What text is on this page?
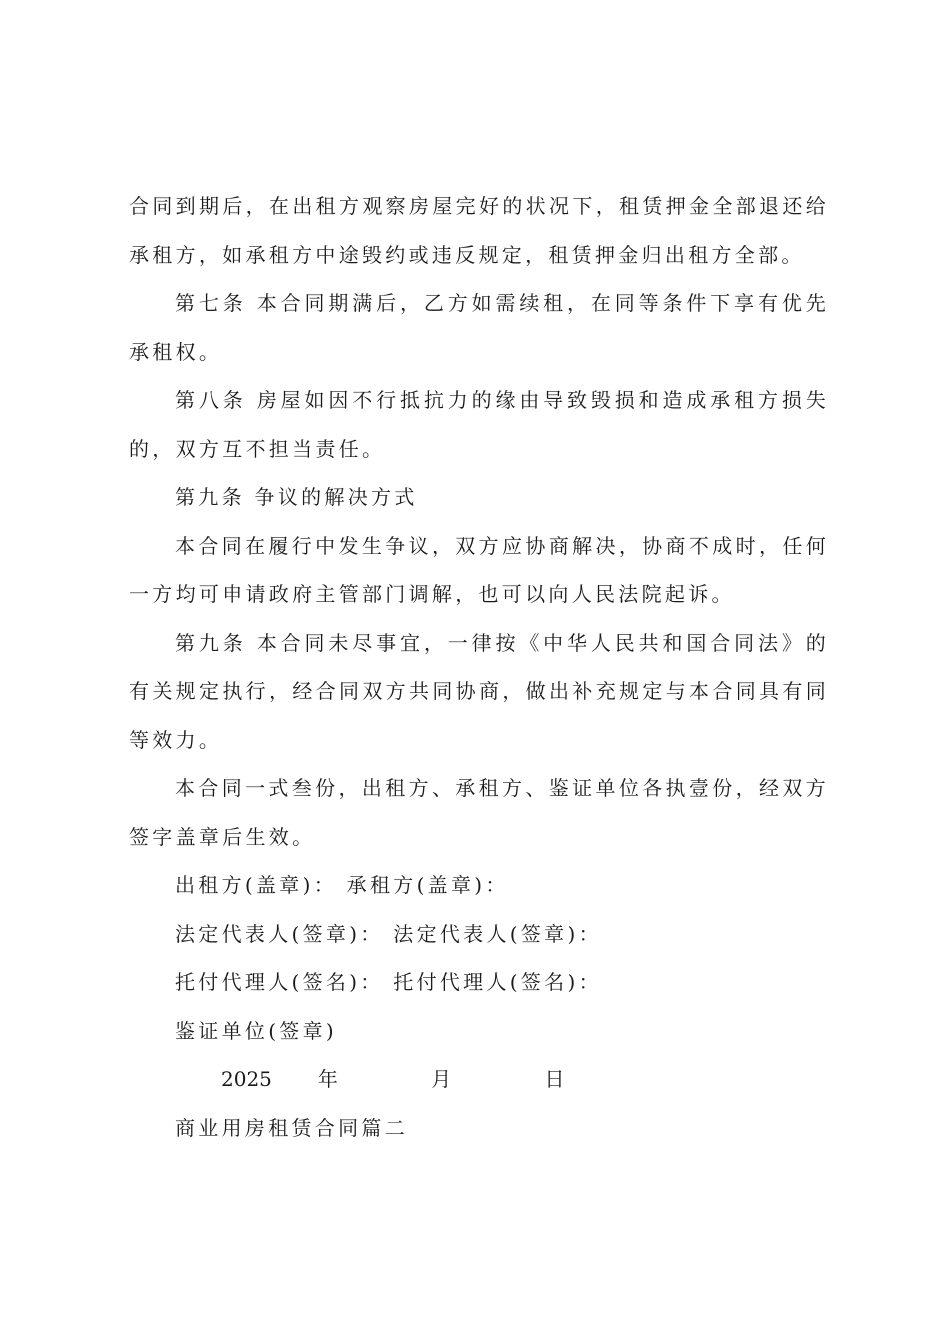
合同到期后，在出租方观察房屋完好的状况下，租赁押金全部退还给承租方，如承租方中途毁约或违反规定，租赁押金归出租方全部。

第七条 本合同期满后，乙方如需续租，在同等条件下享有优先承租权。

第八条 房屋如因不行抵抗力的缘由导致毁损和造成承租方损失的，双方互不担当责任。

第九条 争议的解决方式

本合同在履行中发生争议，双方应协商解决，协商不成时，任何一方均可申请政府主管部门调解，也可以向人民法院起诉。

第九条 本合同未尽事宜，一律按《中华人民共和国合同法》的有关规定执行，经合同双方共同协商，做出补充规定与本合同具有同等效力。

本合同一式叁份，出租方、承租方、鉴证单位各执壹份，经双方签字盖章后生效。

出租方(盖章)： 承租方(盖章)：

法定代表人(签章)： 法定代表人(签章)：

托付代理人(签名)： 托付代理人(签名)：

鉴证单位(签章)

2025 年	月	日

商业用房租赁合同篇二
